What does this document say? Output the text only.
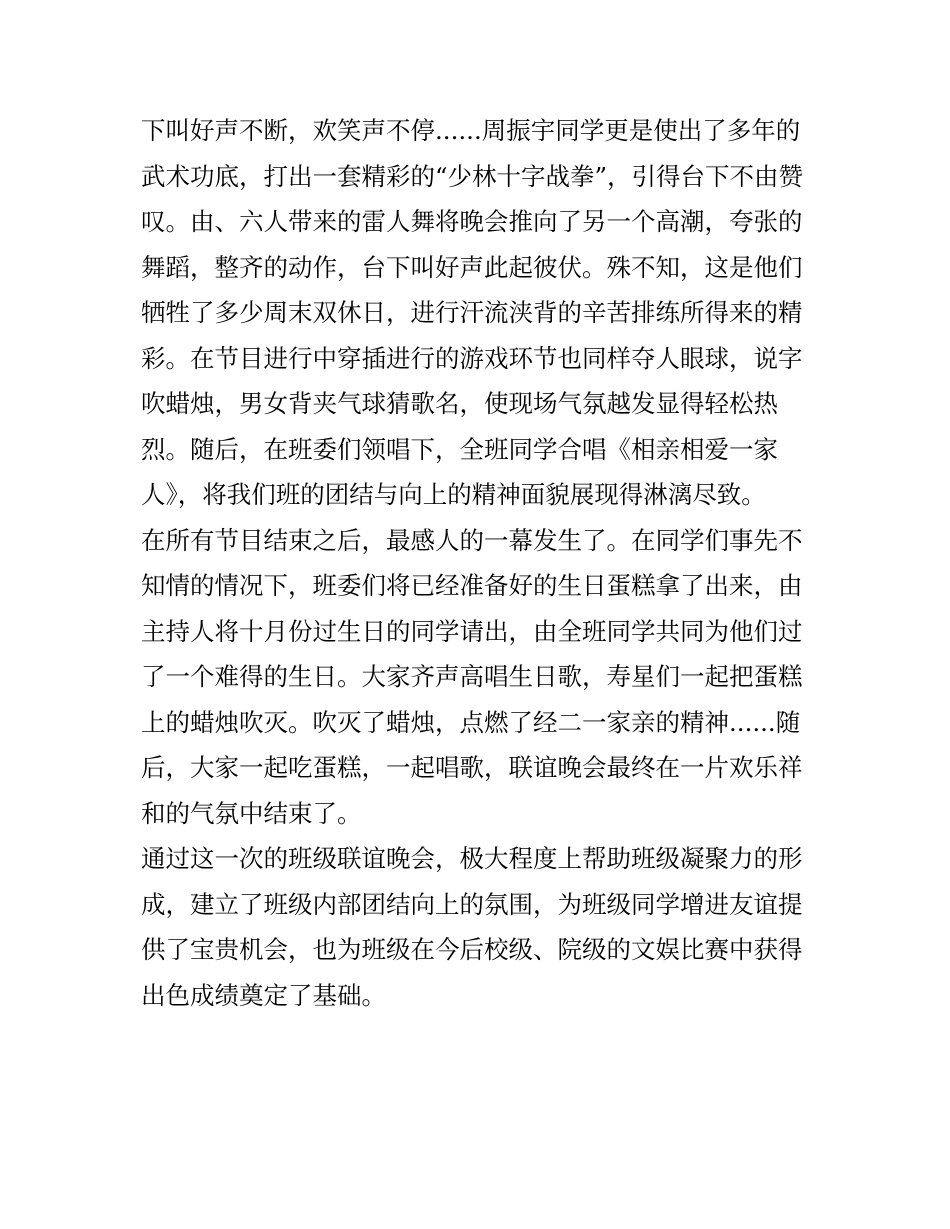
下叫好声不断，欢笑声不停......周振宇同学更是使出了多年的
武术功底，打出一套精彩的“少林十字战拳”，引得台下不由赞
叹。由、六人带来的雷人舞将晚会推向了另一个高潮，夸张的
舞蹈，整齐的动作，台下叫好声此起彼伏。殊不知，这是他们
牺牲了多少周末双休日，进行汗流浃背的辛苦排练所得来的精
彩。在节目进行中穿插进行的游戏环节也同样夺人眼球，说字
吹蜡烛，男女背夹气球猜歌名，使现场气氛越发显得轻松热
烈。随后，在班委们领唱下，全班同学合唱《相亲相爱一家
人》，将我们班的团结与向上的精神面貌展现得淋漓尽致。
在所有节目结束之后，最感人的一幕发生了。在同学们事先不
知情的情况下，班委们将已经准备好的生日蛋糕拿了出来，由
主持人将十月份过生日的同学请出，由全班同学共同为他们过
了一个难得的生日。大家齐声高唱生日歌，寿星们一起把蛋糕
上的蜡烛吹灭。吹灭了蜡烛，点燃了经二一家亲的精神......随
后，大家一起吃蛋糕，一起唱歌，联谊晚会最终在一片欢乐祥
和的气氛中结束了。
通过这一次的班级联谊晚会，极大程度上帮助班级凝聚力的形
成，建立了班级内部团结向上的氛围，为班级同学增进友谊提
供了宝贵机会，也为班级在今后校级、院级的文娱比赛中获得
出色成绩奠定了基础。
